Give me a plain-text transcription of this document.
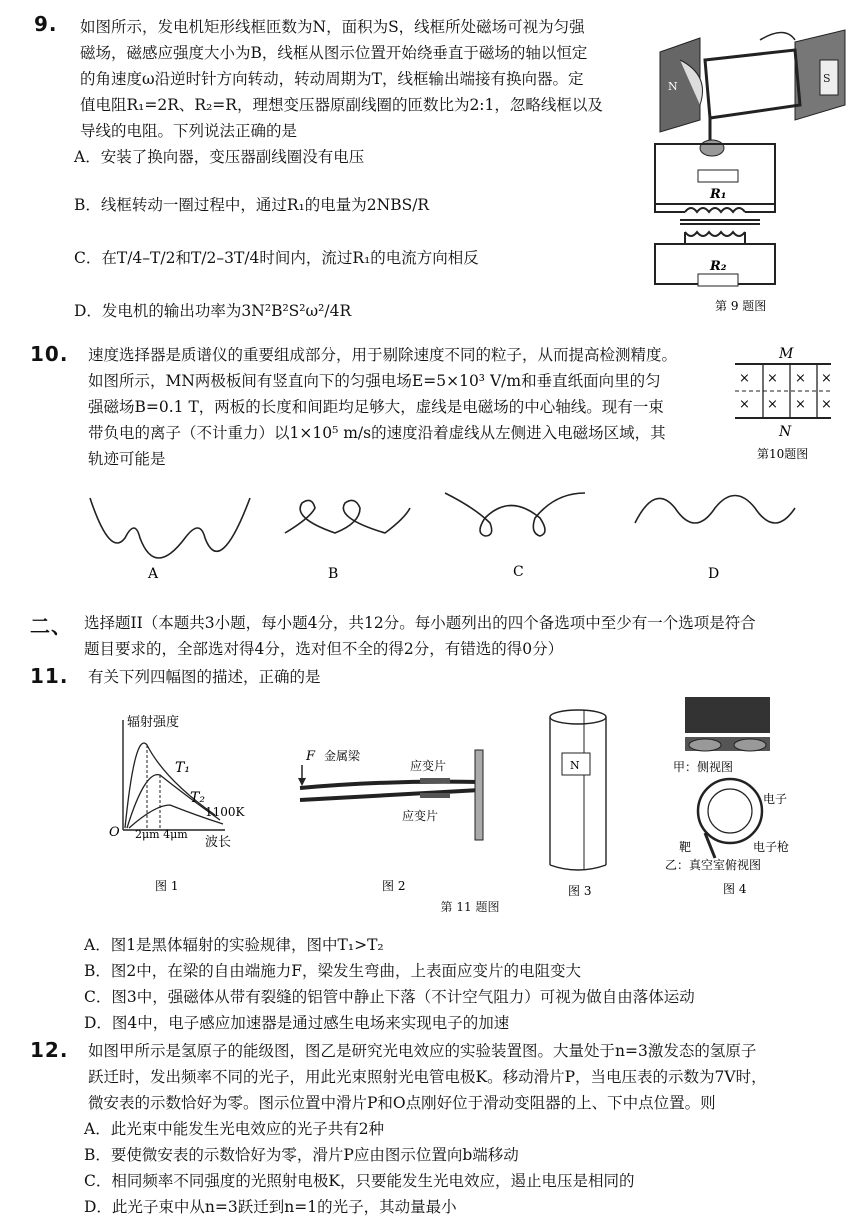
9. 如图所示，发电机矩形线框匝数为N，面积为S，线框所处磁场可视为匀强
磁场，磁感应强度大小为B，线框从图示位置开始绕垂直于磁场的轴以恒定
的角速度ω沿逆时针方向转动，转动周期为T，线框输出端接有换向器。定
值电阻R₁=2R、R₂=R，理想变压器原副线圈的匝数比为2:1，忽略线框以及
导线的电阻。下列说法正确的是
A．安装了换向器，变压器副线圈没有电压
B．线框转动一圈过程中，通过R₁的电量为2NBS/R
C．在T/4–T/2和T/2–3T/4时间内，流过R₁的电流方向相反
D．发电机的输出功率为3N²B²S²ω²/4R
N
S
R₁
R₂
第 9 题图
10. 速度选择器是质谱仪的重要组成部分，用于剔除速度不同的粒子，从而提高检测精度。
如图所示，MN两极板间有竖直向下的匀强电场E=5×10³ V/m和垂直纸面向里的匀
强磁场B=0.1 T，两板的长度和间距均足够大，虚线是电磁场的中心轴线。现有一束
带负电的离子（不计重力）以1×10⁵ m/s的速度沿着虚线从左侧进入电磁场区域，其
轨迹可能是
M
× × × ×
× × × ×
N
第10题图
A	B	C	D
二、 选择题II（本题共3小题，每小题4分，共12分。每小题列出的四个备选项中至少有一个选项是符合
题目要求的，全部选对得4分，选对但不全的得2分，有错选的得0分）
11. 有关下列四幅图的描述，正确的是
辐射强度
T₁
T₂
1100K
O 2μm 4μm
波长
图 1
F 金属梁
应变片
应变片
图 2
N
图 3
甲：侧视图
电子
靶	电子枪
乙：真空室俯视图
图 4
第 11 题图
A．图1是黑体辐射的实验规律，图中T₁>T₂
B．图2中，在梁的自由端施力F，梁发生弯曲，上表面应变片的电阻变大
C．图3中，强磁体从带有裂缝的铝管中静止下落（不计空气阻力）可视为做自由落体运动
D．图4中，电子感应加速器是通过感生电场来实现电子的加速
12. 如图甲所示是氢原子的能级图，图乙是研究光电效应的实验装置图。大量处于n=3激发态的氢原子
跃迁时，发出频率不同的光子，用此光束照射光电管电极K。移动滑片P，当电压表的示数为7V时，
微安表的示数恰好为零。图示位置中滑片P和O点刚好位于滑动变阻器的上、下中点位置。则
A．此光束中能发生光电效应的光子共有2种
B．要使微安表的示数恰好为零，滑片P应由图示位置向b端移动
C．相同频率不同强度的光照射电极K，只要能发生光电效应，遏止电压是相同的
D．此光子束中从n=3跃迁到n=1的光子，其动量最小
